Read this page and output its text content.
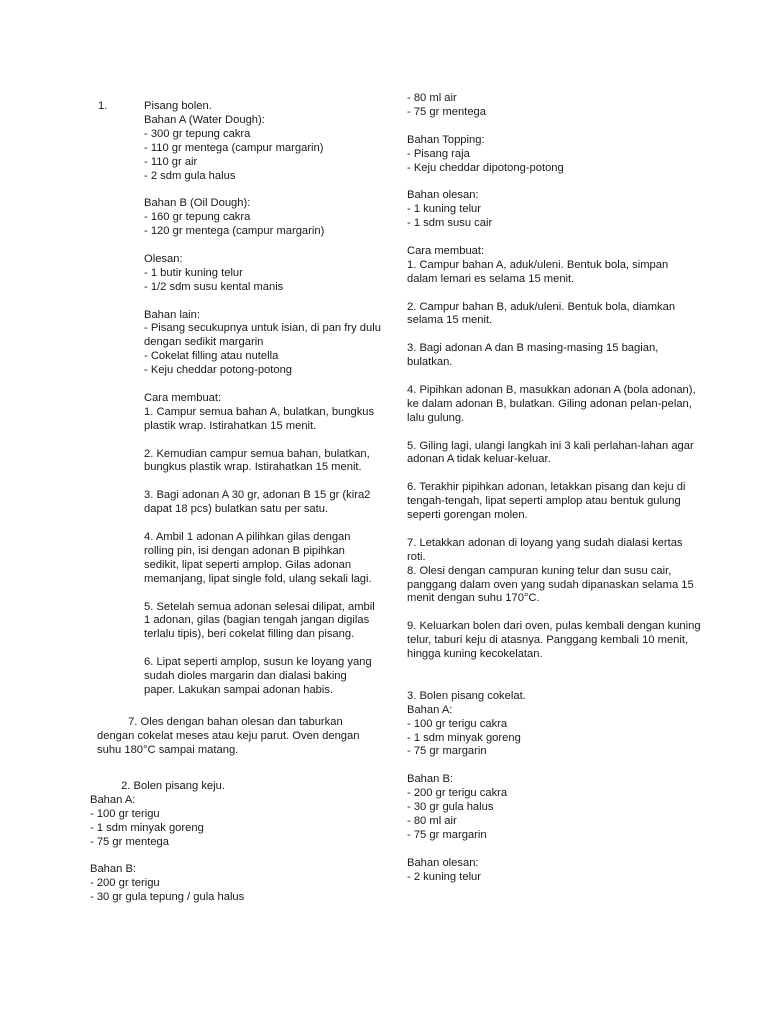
1.	Pisang bolen.
Bahan A (Water Dough):
- 300 gr tepung cakra
- 110 gr mentega (campur margarin)
- 110 gr air
- 2 sdm gula halus
Bahan B (Oil Dough):
- 160 gr tepung cakra
- 120 gr mentega (campur margarin)
Olesan:
- 1 butir kuning telur
- 1/2 sdm susu kental manis
Bahan lain:
- Pisang secukupnya untuk isian, di pan fry dulu
dengan sedikit margarin
- Cokelat filling atau nutella
- Keju cheddar potong-potong
Cara membuat:
1. Campur semua bahan A, bulatkan, bungkus
plastik wrap. Istirahatkan 15 menit.
2. Kemudian campur semua bahan, bulatkan,
bungkus plastik wrap. Istirahatkan 15 menit.
3. Bagi adonan A 30 gr, adonan B 15 gr (kira2
dapat 18 pcs) bulatkan satu per satu.
4. Ambil 1 adonan A pilihkan gilas dengan
rolling pin, isi dengan adonan B pipihkan
sedikit, lipat seperti amplop. Gilas adonan
memanjang, lipat single fold, ulang sekali lagi.
5. Setelah semua adonan selesai dilipat, ambil
1 adonan, gilas (bagian tengah jangan digilas
terlalu tipis), beri cokelat filling dan pisang.
6. Lipat seperti amplop, susun ke loyang yang
sudah dioles margarin dan dialasi baking
paper. Lakukan sampai adonan habis.
7. Oles dengan bahan olesan dan taburkan
dengan cokelat meses atau keju parut. Oven dengan
suhu 180°C sampai matang.
2. Bolen pisang keju.
Bahan A:
- 100 gr terigu
- 1 sdm minyak goreng
- 75 gr mentega
Bahan B:
- 200 gr terigu
- 30 gr gula tepung / gula halus
- 80 ml air
- 75 gr mentega
Bahan Topping:
- Pisang raja
- Keju cheddar dipotong-potong
Bahan olesan:
- 1 kuning telur
- 1 sdm susu cair
Cara membuat:
1. Campur bahan A, aduk/uleni. Bentuk bola, simpan
dalam lemari es selama 15 menit.
2. Campur bahan B, aduk/uleni. Bentuk bola, diamkan
selama 15 menit.
3. Bagi adonan A dan B masing-masing 15 bagian,
bulatkan.
4. Pipihkan adonan B, masukkan adonan A (bola adonan),
ke dalam adonan B, bulatkan. Giling adonan pelan-pelan,
lalu gulung.
5. Giling lagi, ulangi langkah ini 3 kali perlahan-lahan agar
adonan A tidak keluar-keluar.
6. Terakhir pipihkan adonan, letakkan pisang dan keju di
tengah-tengah, lipat seperti amplop atau bentuk gulung
seperti gorengan molen.
7. Letakkan adonan di loyang yang sudah dialasi kertas
roti.
8. Olesi dengan campuran kuning telur dan susu cair,
panggang dalam oven yang sudah dipanaskan selama 15
menit dengan suhu 170°C.
9. Keluarkan bolen dari oven, pulas kembali dengan kuning
telur, taburi keju di atasnya. Panggang kembali 10 menit,
hingga kuning kecokelatan.
3. Bolen pisang cokelat.
Bahan A:
- 100 gr terigu cakra
- 1 sdm minyak goreng
- 75 gr margarin
Bahan B:
- 200 gr terigu cakra
- 30 gr gula halus
- 80 ml air
- 75 gr margarin
Bahan olesan:
- 2 kuning telur
